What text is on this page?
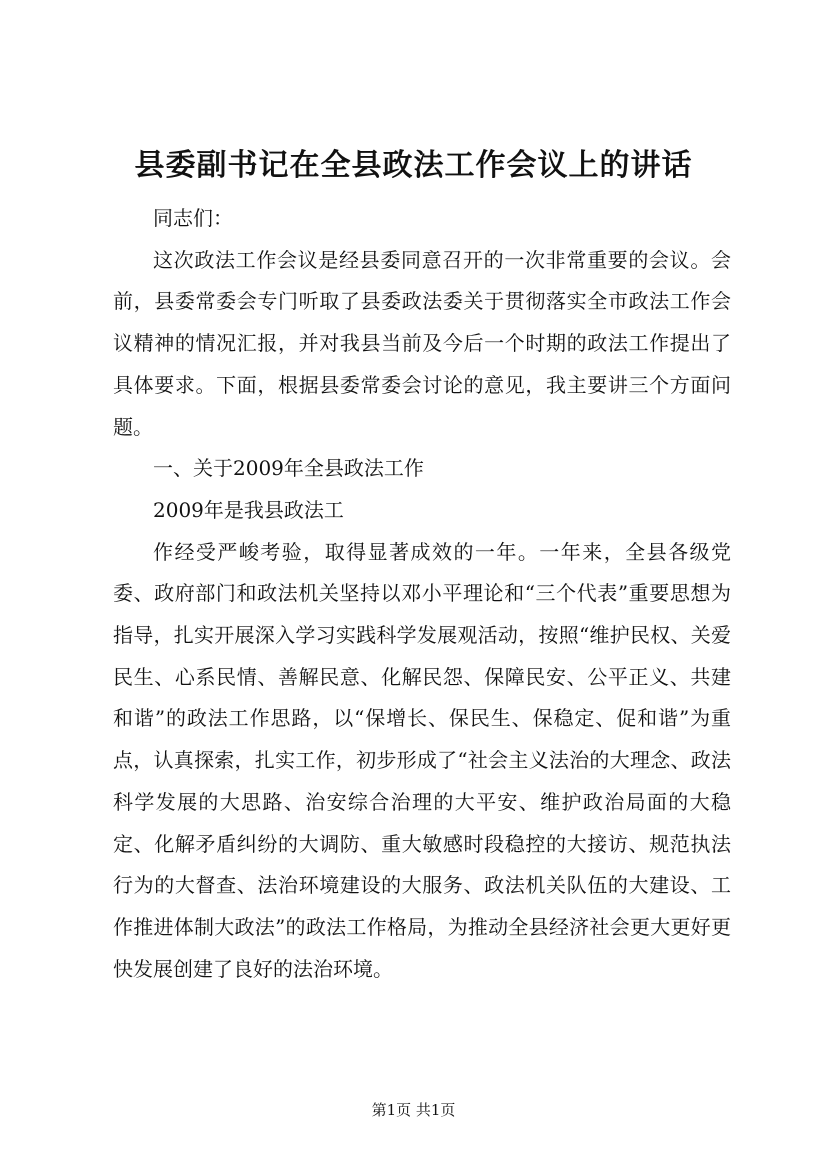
县委副书记在全县政法工作会议上的讲话

同志们：

这次政法工作会议是经县委同意召开的一次非常重要的会议。会前，县委常委会专门听取了县委政法委关于贯彻落实全市政法工作会议精神的情况汇报，并对我县当前及今后一个时期的政法工作提出了具体要求。下面，根据县委常委会讨论的意见，我主要讲三个方面问题。

一、关于2009年全县政法工作

2009年是我县政法工

作经受严峻考验，取得显著成效的一年。一年来，全县各级党委、政府部门和政法机关坚持以邓小平理论和“三个代表”重要思想为指导，扎实开展深入学习实践科学发展观活动，按照“维护民权、关爱民生、心系民情、善解民意、化解民怨、保障民安、公平正义、共建和谐”的政法工作思路，以“保增长、保民生、保稳定、促和谐”为重点，认真探索，扎实工作，初步形成了“社会主义法治的大理念、政法科学发展的大思路、治安综合治理的大平安、维护政治局面的大稳定、化解矛盾纠纷的大调防、重大敏感时段稳控的大接访、规范执法行为的大督查、法治环境建设的大服务、政法机关队伍的大建设、工作推进体制大政法”的政法工作格局，为推动全县经济社会更大更好更快发展创建了良好的法治环境。

第1页 共1页
